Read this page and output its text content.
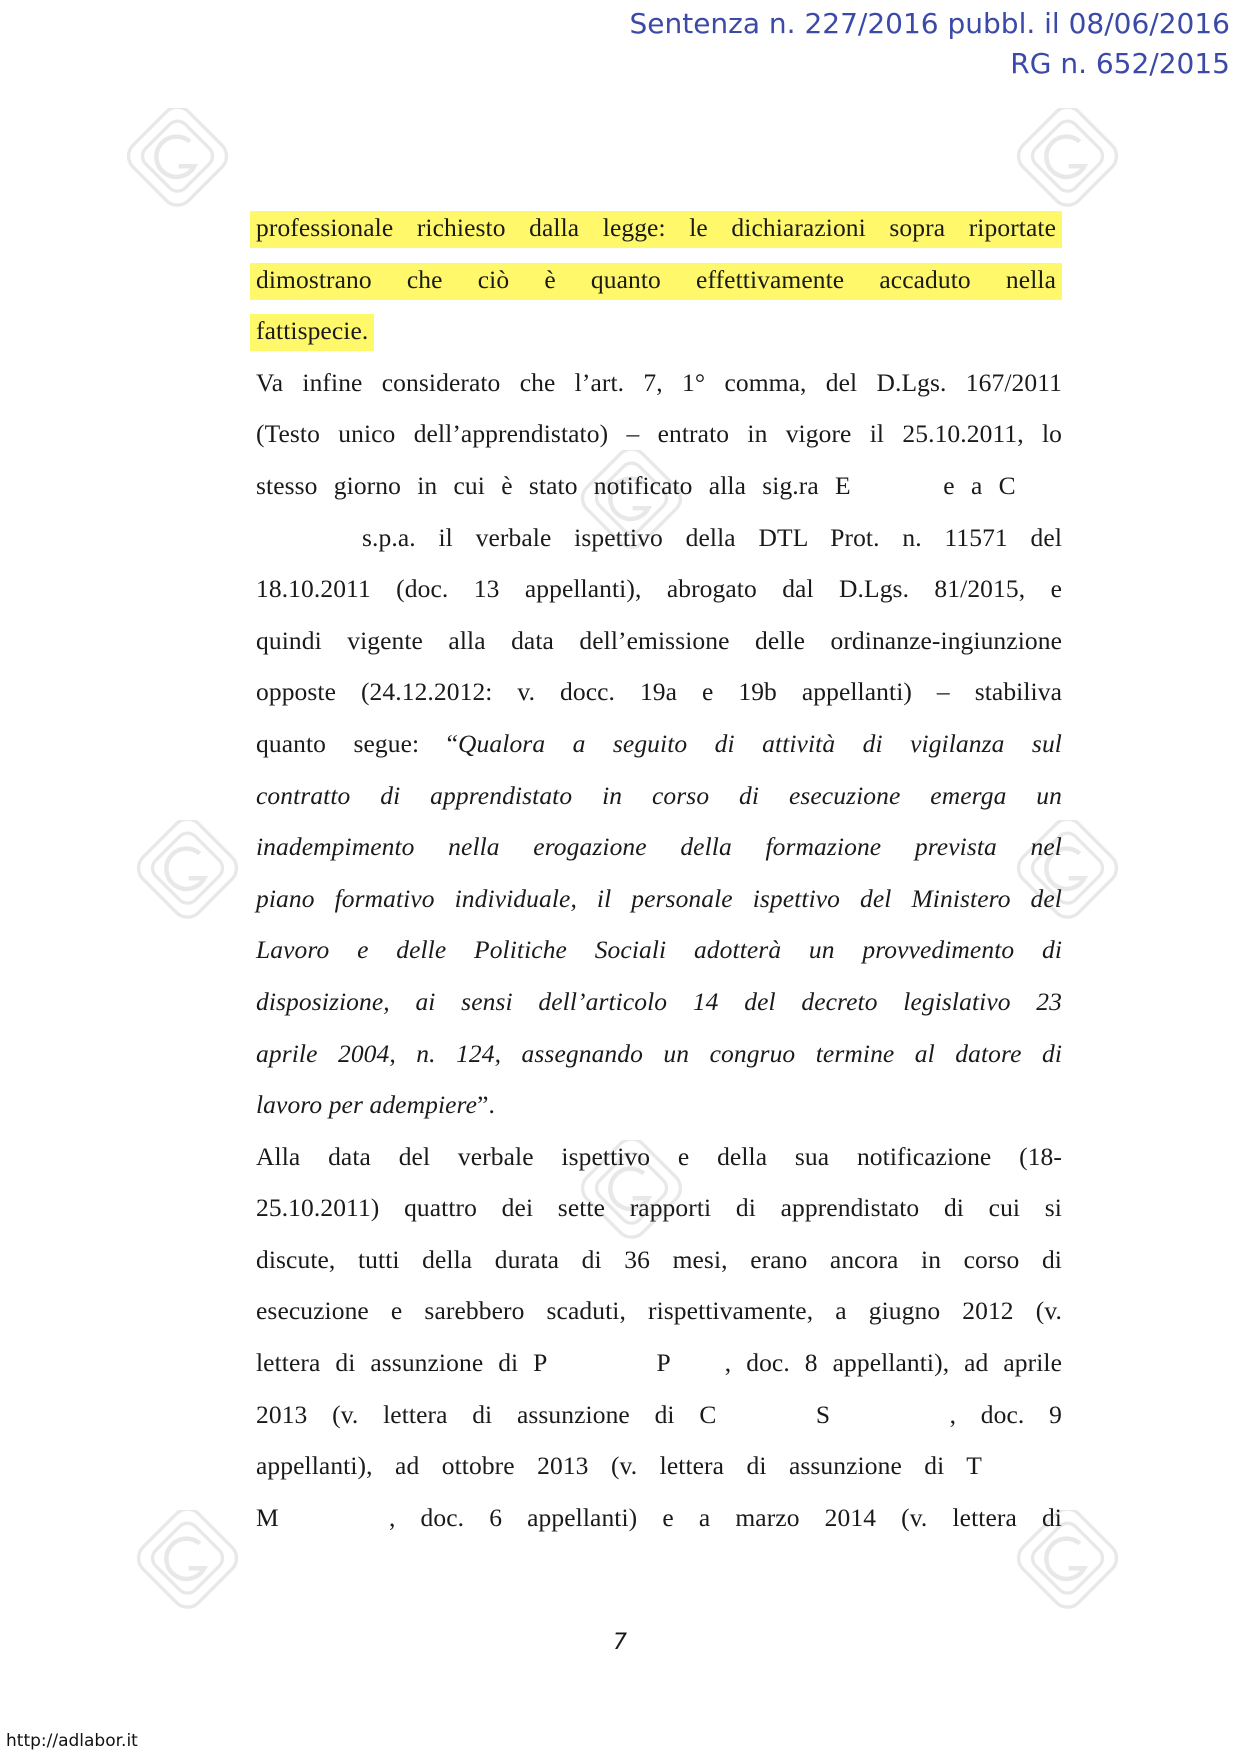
Sentenza n. 227/2016 pubbl. il 08/06/2016
RG n. 652/2015
professionale richiesto dalla legge: le dichiarazioni sopra riportate
dimostrano che ciò è quanto effettivamente accaduto nella
fattispecie.
Va infine considerato che l’art. 7, 1° comma, del D.Lgs. 167/2011
(Testo unico dell’apprendistato) – entrato in vigore il 25.10.2011, lo
stesso giorno in cui è stato notificato alla sig.ra E	e a C
s.p.a. il verbale ispettivo della DTL Prot. n. 11571 del
18.10.2011 (doc. 13 appellanti), abrogato dal D.Lgs. 81/2015, e
quindi vigente alla data dell’emissione delle ordinanze-ingiunzione
opposte (24.12.2012: v. docc. 19a e 19b appellanti) – stabiliva
quanto segue: “Qualora a seguito di attività di vigilanza sul
contratto di apprendistato in corso di esecuzione emerga un
inadempimento nella erogazione della formazione prevista nel
piano formativo individuale, il personale ispettivo del Ministero del
Lavoro e delle Politiche Sociali adotterà un provvedimento di
disposizione, ai sensi dell’articolo 14 del decreto legislativo 23
aprile 2004, n. 124, assegnando un congruo termine al datore di
lavoro per adempiere”.
Alla data del verbale ispettivo e della sua notificazione (18-
25.10.2011) quattro dei sette rapporti di apprendistato di cui si
discute, tutti della durata di 36 mesi, erano ancora in corso di
esecuzione e sarebbero scaduti, rispettivamente, a giugno 2012 (v.
lettera di assunzione di P	P , doc. 8 appellanti), ad aprile
2013 (v. lettera di assunzione di C	S	, doc. 9
appellanti), ad ottobre 2013 (v. lettera di assunzione di T
M	, doc. 6 appellanti) e a marzo 2014 (v. lettera di
7
http://adlabor.it
